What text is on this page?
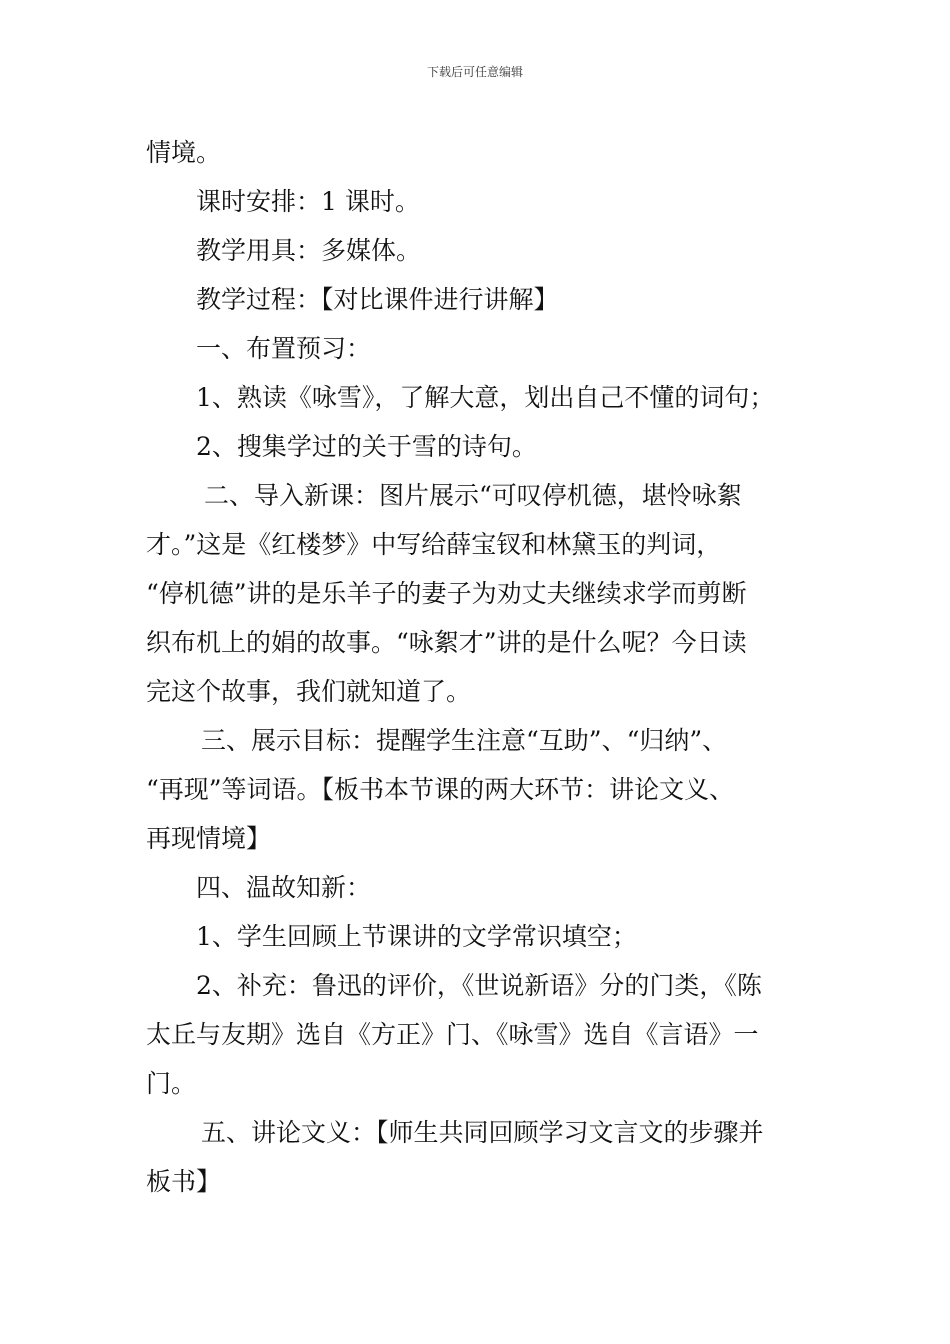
下载后可任意编辑

情境。

课时安排：1 课时。

教学用具：多媒体。

教学过程：【对比课件进行讲解】

一、布置预习：

1、熟读《咏雪》，了解大意，划出自己不懂的词句；

2、搜集学过的关于雪的诗句。

二、导入新课：图片展示“可叹停机德，堪怜咏絮

才。”这是《红楼梦》中写给薛宝钗和林黛玉的判词，

“停机德”讲的是乐羊子的妻子为劝丈夫继续求学而剪断

织布机上的娟的故事。“咏絮才”讲的是什么呢？今日读

完这个故事，我们就知道了。

三、展示目标：提醒学生注意“互助”、“归纳”、

“再现”等词语。【板书本节课的两大环节：讲论文义、

再现情境】

四、温故知新：

1、学生回顾上节课讲的文学常识填空；

2、补充：鲁迅的评价，《世说新语》分的门类，《陈

太丘与友期》选自《方正》门、《咏雪》选自《言语》一

门。

五、讲论文义：【师生共同回顾学习文言文的步骤并

板书】
